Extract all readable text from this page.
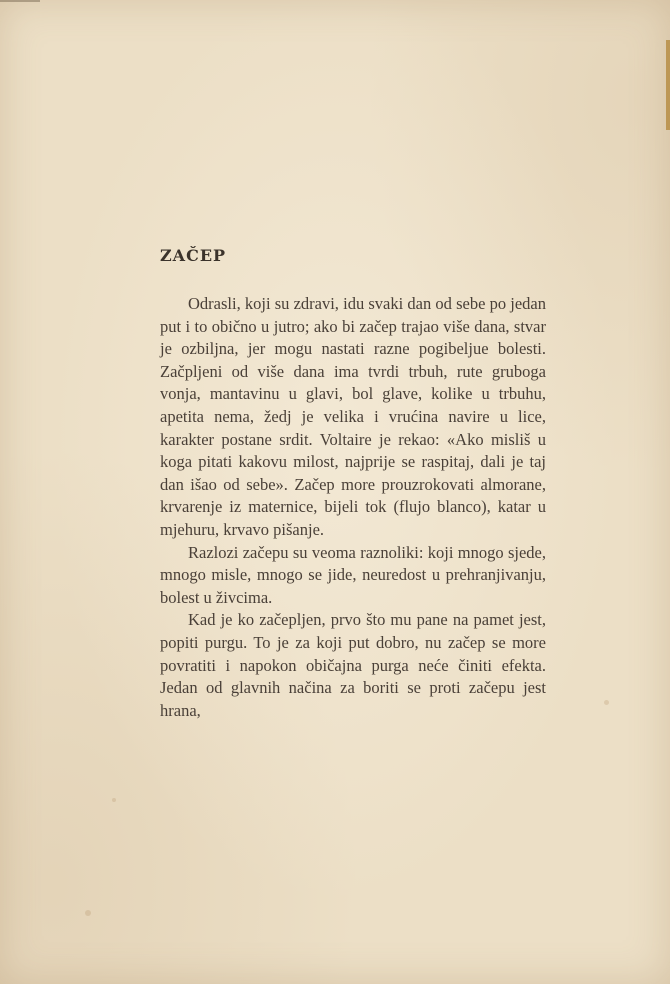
ZAČEP

Odrasli, koji su zdravi, idu svaki dan od sebe po jedan put i to obično u jutro; ako bi začep trajao više dana, stvar je ozbiljna, jer mogu nastati razne pogibeljue bolesti. Začpljeni od više dana ima tvrdi trbuh, rute gruboga vonja, mantavinu u glavi, bol glave, kolike u trbuhu, apetita nema, žedj je velika i vrućina navire u lice, karakter postane srdit. Voltaire je rekao: «Ako misliš u koga pitati kakovu milost, najprije se raspitaj, dali je taj dan išao od sebe». Začep more prouzrokovati almorane, krvarenje iz maternice, bijeli tok (flujo blanco), katar u mjehuru, krvavo pišanje.

Razlozi začepu su veoma raznoliki: koji mnogo sjede, mnogo misle, mnogo se jide, neuredost u prehranjivanju, bolest u živcima.

Kad je ko začepljen, prvo što mu pane na pamet jest, popiti purgu. To je za koji put dobro, nu začep se more povratiti i napokon običajna purga neće činiti efekta. Jedan od glavnih načina za boriti se proti začepu jest hrana,
